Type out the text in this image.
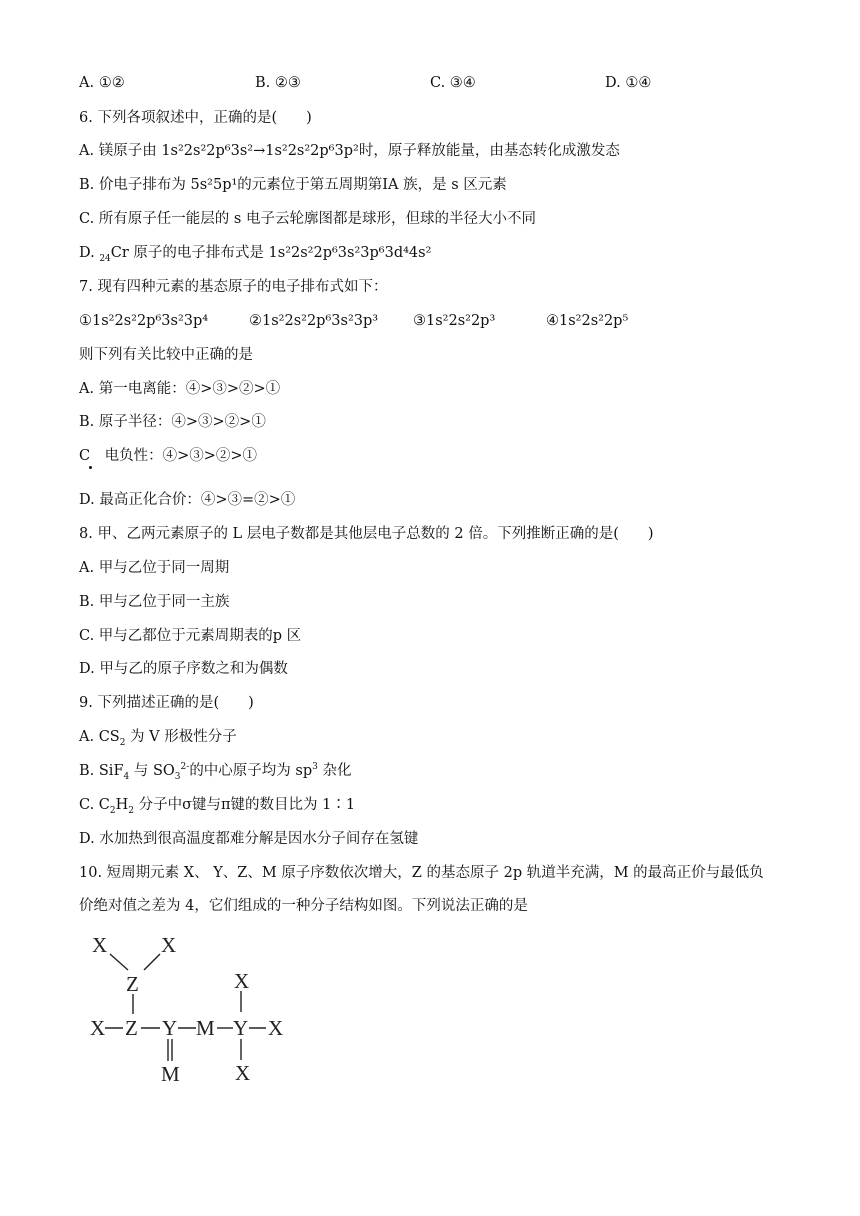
A. ①②	B. ②③	C. ③④	D. ①④
6. 下列各项叙述中，正确的是(　　)
A. 镁原子由 1s²2s²2p⁶3s²→1s²2s²2p⁶3p²时，原子释放能量，由基态转化成激发态
B. 价电子排布为 5s²5p¹的元素位于第五周期第IA 族，是 s 区元素
C. 所有原子任一能层的 s 电子云轮廓图都是球形，但球的半径大小不同
D. $_{24}$Cr 原子的电子排布式是 1s²2s²2p⁶3s²3p⁶3d⁴4s²
7. 现有四种元素的基态原子的电子排布式如下：
①1s²2s²2p⁶3s²3p⁴	②1s²2s²2p⁶3s²3p³ ③1s²2s²2p³	④1s²2s²2p⁵
则下列有关比较中正确的是
A. 第一电离能：④>③>②>①
B. 原子半径：④>③>②>①
C　电负性：④>③>②>①
D. 最高正化合价：④>③=②>①
8. 甲、乙两元素原子的 L 层电子数都是其他层电子总数的 2 倍。下列推断正确的是(　　)
A. 甲与乙位于同一周期
B. 甲与乙位于同一主族
C. 甲与乙都位于元素周期表的p 区
D. 甲与乙的原子序数之和为偶数
9. 下列描述正确的是(　　)
A. $CS_2$ 为 V 形极性分子
B. SiF$_4$ 与 $SO_3^{2-}$的中心原子均为 $sp^3$ 杂化
C. $C_2H_2$ 分子中σ键与π键的数目比为 1∶1
D. 水加热到很高温度都难分解是因水分子间存在氢键
10. 短周期元素 X、 Y、Z、M 原子序数依次增大，Z 的基态原子 2p 轨道半充满，M 的最高正价与最低负
价绝对值之差为 4，它们组成的一种分子结构如图。下列说法正确的是
X	X
Z	X
X Z Y M Y X
M	X
